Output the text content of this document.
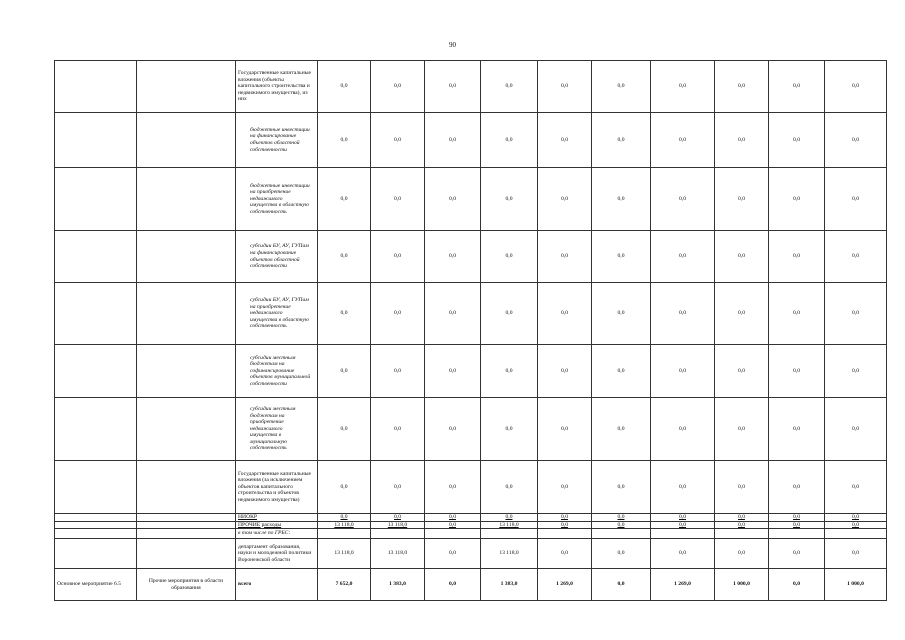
90
		Государственные капитальные вложения (объекты капитального строительства и недвижимого имущества), из них	0,0	0,0	0,0	0,0	0,0	0,0	0,0	0,0	0,0	0,0
		бюджетные инвестиции на финансирование объектов областной собственности	0,0	0,0	0,0	0,0	0,0	0,0	0,0	0,0	0,0	0,0
		бюджетные инвестиции на приобретение недвижимого имущества в областную собственность	0,0	0,0	0,0	0,0	0,0	0,0	0,0	0,0	0,0	0,0
		субсидии БУ, АУ, ГУПам на финансирование объектов областной собственности	0,0	0,0	0,0	0,0	0,0	0,0	0,0	0,0	0,0	0,0
		субсидии БУ, АУ, ГУПам на приобретение недвижимого имущества в областную собственность	0,0	0,0	0,0	0,0	0,0	0,0	0,0	0,0	0,0	0,0
		субсидии местным бюджетам на софинансирование объектов муниципальной собственности	0,0	0,0	0,0	0,0	0,0	0,0	0,0	0,0	0,0	0,0
		субсидии местным бюджетам на приобретение недвижимого имущества в муниципальную собственность	0,0	0,0	0,0	0,0	0,0	0,0	0,0	0,0	0,0	0,0
		Государственные капитальные вложения (за исключением объектов капитального строительства и объектов недвижимого имущества)	0,0	0,0	0,0	0,0	0,0	0,0	0,0	0,0	0,0	0,0
		НИОКР	0,0	0,0	0,0	0,0	0,0	0,0	0,0	0,0	0,0	0,0
		ПРОЧИЕ расходы	13 118,0	13 118,0	0,0	13 118,0	0,0	0,0	0,0	0,0	0,0	0,0
		в том числе по ГРБС:										
		департамент образования, науки и молодежной политики Воронежской области	13 118,0	13 118,0	0,0	13 118,0	0,0	0,0	0,0	0,0	0,0	0,0
Основное мероприятие 6.5	Прочие мероприятия в области образования	всего	7 652,0	1 383,0	0,0	1 383,0	1 269,0	0,0	1 269,0	1 000,0	0,0	1 000,0
